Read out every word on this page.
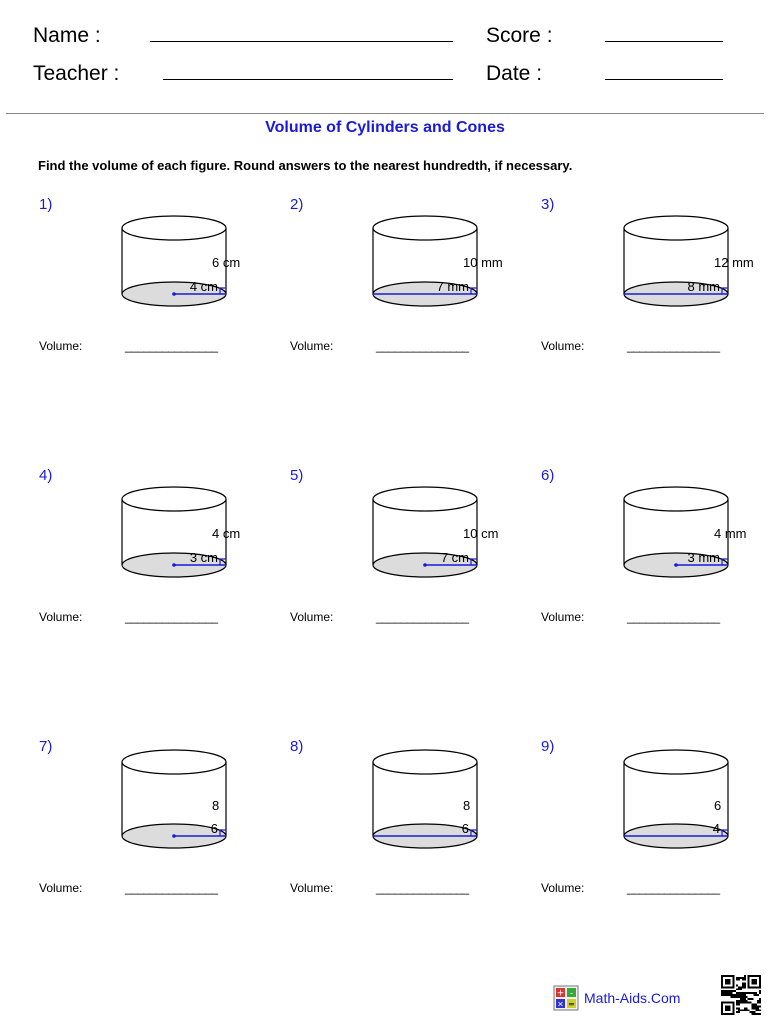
Name :
Teacher :
Score :
Date :
Volume of Cylinders and Cones
Find the volume of each figure. Round answers to the nearest hundredth, if necessary.
1)
6 cm
4 cm
Volume:	_______________
2)
10 mm
7 mm
Volume:	_______________
3)
12 mm
8 mm
Volume:	_______________
4)
4 cm
3 cm
Volume:	_______________
5)
10 cm
7 cm
Volume:	_______________
6)
4 mm
3 mm
Volume:	_______________
7)
8
6
Volume:	_______________
8)
8
6
Volume:	_______________
9)
6
4
Volume:	_______________
+ -
× = Math-Aids.Com
